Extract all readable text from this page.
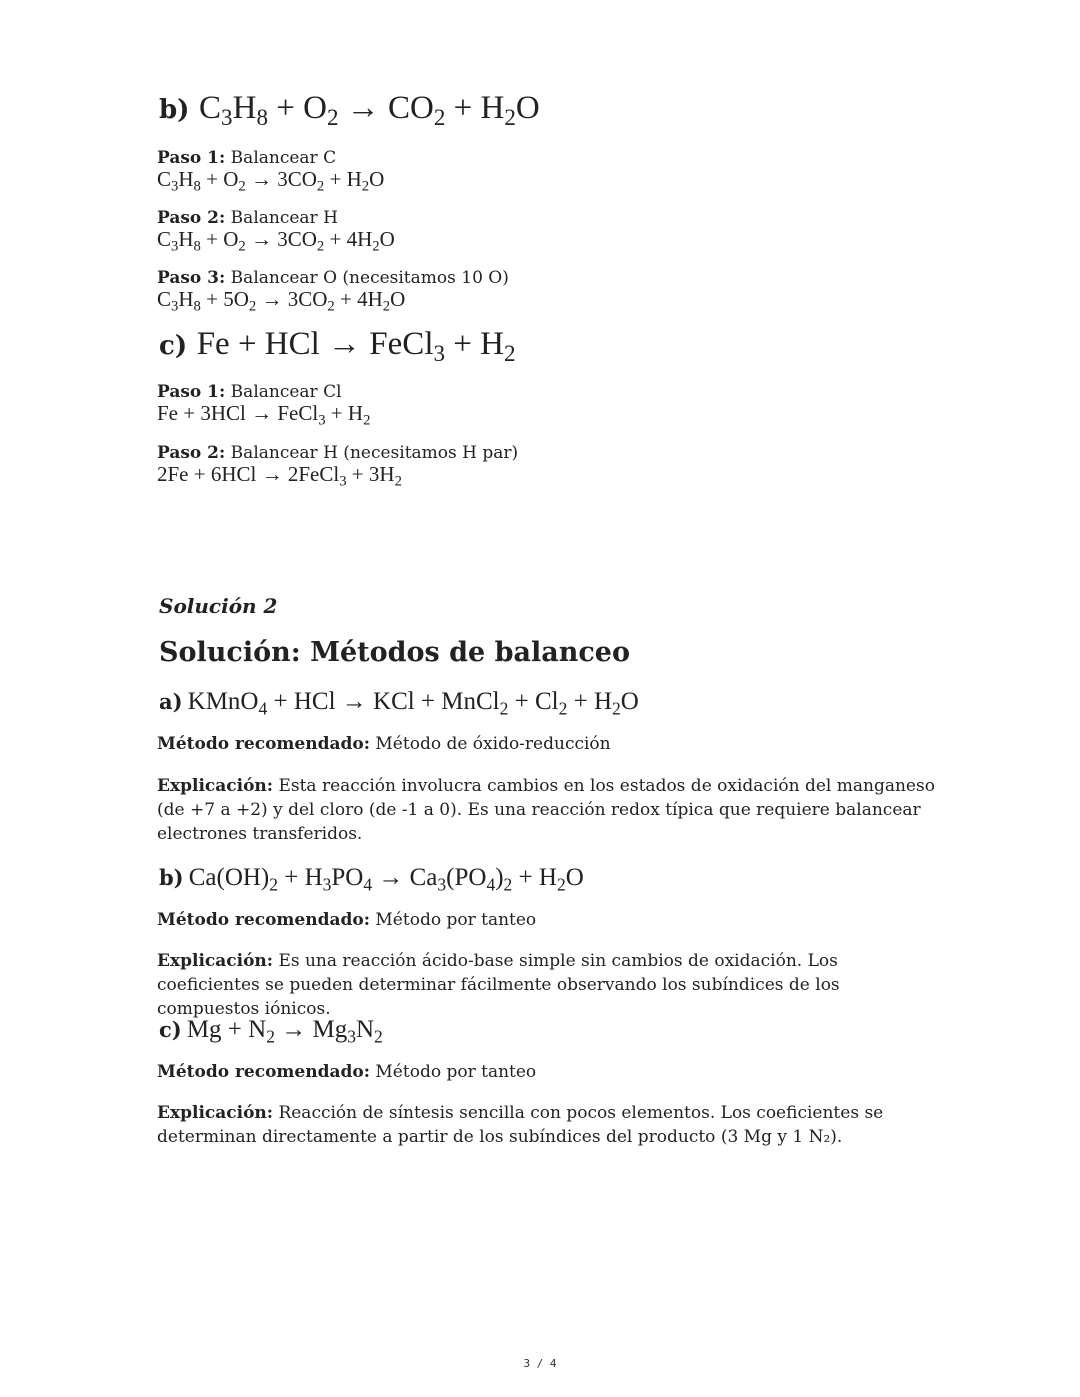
b) $C_3H_8 + O_2 \to CO_2 + H_2O$
Paso 1: Balancear C
$C_3H_8 + O_2 \to 3CO_2 + H_2O$
Paso 2: Balancear H
$C_3H_8 + O_2 \to 3CO_2 + 4H_2O$
Paso 3: Balancear O (necesitamos 10 O)
$C_3H_8 + 5O_2 \to 3CO_2 + 4H_2O$
c) Fe + HCl → FeCl$_3$ + $H_2$
Paso 1: Balancear Cl
Fe + 3HCl → FeCl$_3$ + $H_2$
Paso 2: Balancear H (necesitamos H par)
2Fe + 6HCl → 2FeCl$_3$ + $3H_2$
Solución 2
Solución: Métodos de balanceo
a) KMnO$_4$ + HCl → KCl + MnCl$_2$ + $Cl_2 + H_2O$
Método recomendado: Método de óxido-reducción
Explicación: Esta reacción involucra cambios en los estados de oxidación del manganeso (de +7 a +2) y del cloro (de -1 a 0). Es una reacción redox típica que requiere balancear electrones transferidos.
b) $Ca(OH)_2 + H_3PO_4 \to Ca_3(PO_4)_2 + H_2O$
Método recomendado: Método por tanteo
Explicación: Es una reacción ácido-base simple sin cambios de oxidación. Los coeficientes se pueden determinar fácilmente observando los subíndices de los compuestos iónicos.
c) $Mg + N_2 \to Mg_3N_2$
Método recomendado: Método por tanteo
Explicación: Reacción de síntesis sencilla con pocos elementos. Los coeficientes se determinan directamente a partir de los subíndices del producto (3 Mg y 1 N₂).
3 / 4
